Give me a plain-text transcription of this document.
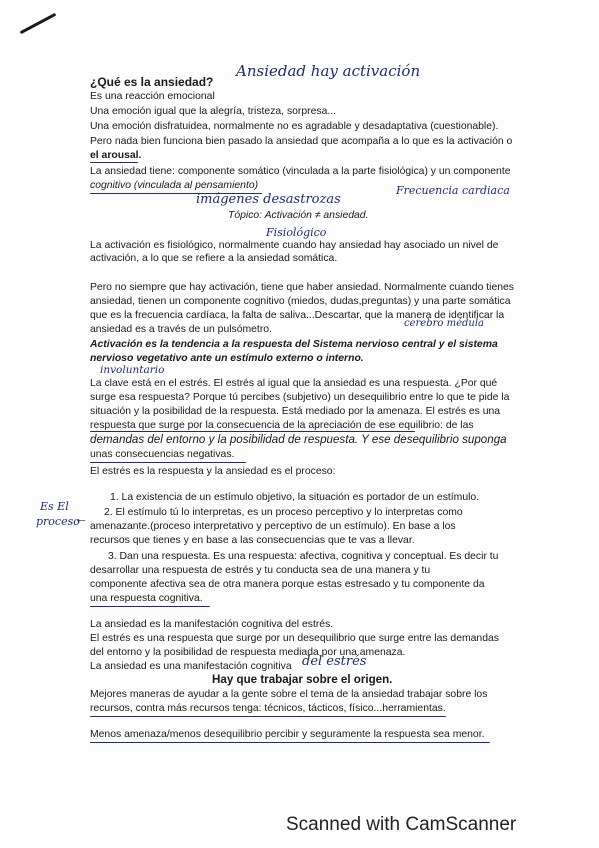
Ansiedad hay activación
¿Qué es la ansiedad?
Es una reacción emocional
Una emoción igual que la alegría, tristeza, sorpresa...
Una emoción disfratuidea, normalmente no es agradable y desadaptativa (cuestionable).
Pero nada bien funciona bien pasado la ansiedad que acompaña a lo que es la activación o
el arousal.
La ansiedad tiene: componente somático (vinculada a la parte fisiológica) y un componente
cognitivo (vinculada al pensamiento)
imágenes desastrozas
Frecuencia cardiaca
Tópico: Activación ≠ ansiedad.
Fisiológico
La activación es fisiológico, normalmente cuando hay ansiedad hay asociado un nivel de
activación, a lo que se refiere a la ansiedad somática.
Pero no siempre que hay activación, tiene que haber ansiedad. Normalmente cuando tienes
ansiedad, tienen un componente cognitivo (miedos, dudas,preguntas) y una parte somática
que es la frecuencia cardíaca, la falta de saliva...Descartar, que la manera de identificar la
ansiedad es a través de un pulsómetro.
cerebro médula
Activación es la tendencia a la respuesta del Sistema nervioso central y el sistema
nervioso vegetativo ante un estímulo externo o interno.
involuntario
La clave está en el estrés. El estrés al igual que la ansiedad es una respuesta. ¿Por qué
surge esa respuesta? Porque tú percibes (subjetivo) un desequilibrio entre lo que te pide la
situación y la posibilidad de la respuesta. Está mediado por la amenaza. El estrés es una
respuesta que surge por la consecuencia de la apreciación de ese equilibrio: de las
demandas del entorno y la posibilidad de respuesta. Y ese desequilibrio suponga
unas consecuencias negativas.
El estrés es la respuesta y la ansiedad es el proceso:
Es El
proceso
←
1. La existencia de un estímulo objetivo, la situación es portador de un estímulo.
2. El estímulo tú lo interpretas, es un proceso perceptivo y lo interpretas como
amenazante.(proceso interpretativo y perceptivo de un estímulo). En base a los
recursos que tienes y en base a las consecuencias que te vas a llevar.
3. Dan una respuesta. Es una respuesta: afectiva, cognitiva y conceptual. Es decir tu
desarrollar una respuesta de estrés y tu conducta sea de una manera y tu
componente afectiva sea de otra manera porque estas estresado y tu componente da
una respuesta cognitiva.
La ansiedad es la manifestación cognitiva del estrés.
El estrés es una respuesta que surge por un desequilibrio que surge entre las demandas
del entorno y la posibilidad de respuesta mediada por una amenaza.
La ansiedad es una manifestación cognitiva del estrés
Hay que trabajar sobre el origen.
Mejores maneras de ayudar a la gente sobre el tema de la ansiedad trabajar sobre los
recursos, contra más recursos tenga: técnicos, tácticos, físico...herramientas.
Menos amenaza/menos desequilibrio percibir y seguramente la respuesta sea menor.
Scanned with CamScanner
